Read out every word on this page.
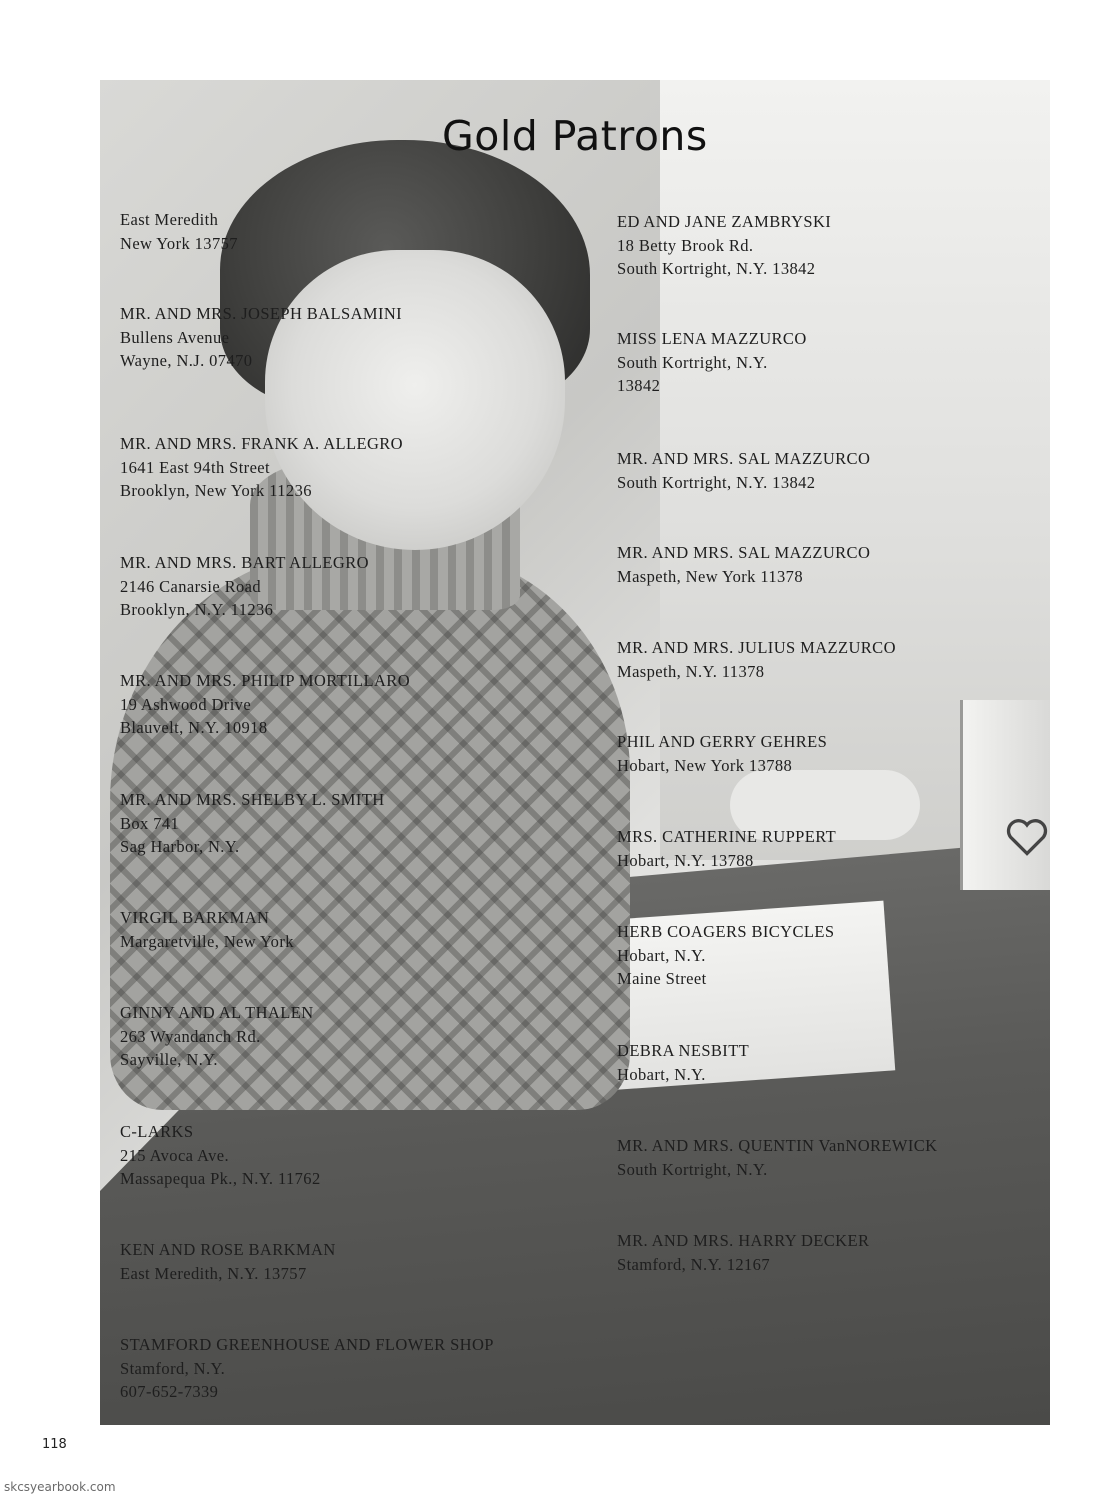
Gold Patrons
East Meredith
New York 13757
MR. AND MRS. JOSEPH BALSAMINI
Bullens Avenue
Wayne, N.J. 07470
MR. AND MRS. FRANK A. ALLEGRO
1641 East 94th Street
Brooklyn, New York 11236
MR. AND MRS. BART ALLEGRO
2146 Canarsie Road
Brooklyn, N.Y. 11236
MR. AND MRS. PHILIP MORTILLARO
19 Ashwood Drive
Blauvelt, N.Y. 10918
MR. AND MRS. SHELBY L. SMITH
Box 741
Sag Harbor, N.Y.
VIRGIL BARKMAN
Margaretville, New York
GINNY AND AL THALEN
263 Wyandanch Rd.
Sayville, N.Y.
C-LARKS
215 Avoca Ave.
Massapequa Pk., N.Y. 11762
KEN AND ROSE BARKMAN
East Meredith, N.Y. 13757
STAMFORD GREENHOUSE AND FLOWER SHOP
Stamford, N.Y.
607-652-7339
ED AND JANE ZAMBRYSKI
18 Betty Brook Rd.
South Kortright, N.Y. 13842
MISS LENA MAZZURCO
South Kortright, N.Y.
13842
MR. AND MRS. SAL MAZZURCO
South Kortright, N.Y. 13842
MR. AND MRS. SAL MAZZURCO
Maspeth, New York 11378
MR. AND MRS. JULIUS MAZZURCO
Maspeth, N.Y. 11378
PHIL AND GERRY GEHRES
Hobart, New York 13788
MRS. CATHERINE RUPPERT
Hobart, N.Y. 13788
HERB COAGERS BICYCLES
Hobart, N.Y.
Maine Street
DEBRA NESBITT
Hobart, N.Y.
MR. AND MRS. QUENTIN VanNOREWICK
South Kortright, N.Y.
MR. AND MRS. HARRY DECKER
Stamford, N.Y. 12167
118
skcsyearbook.com
